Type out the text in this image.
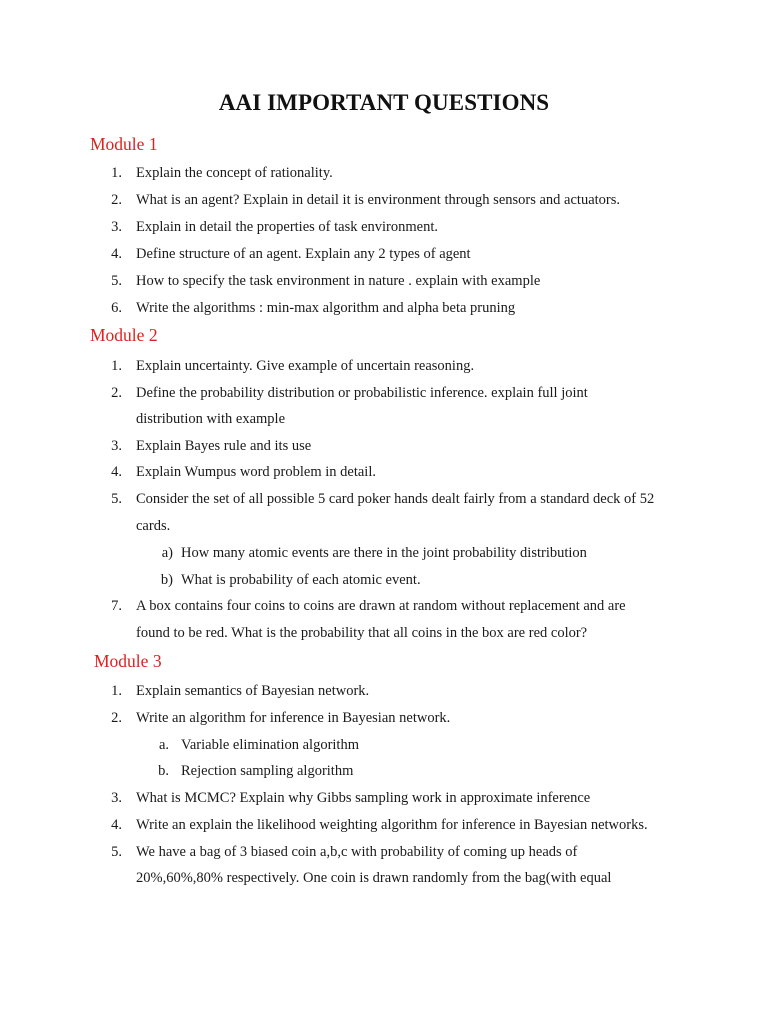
AAI IMPORTANT QUESTIONS
Module 1
1. Explain the concept of rationality.
2. What is an agent? Explain in detail it is environment through sensors and actuators.
3. Explain in detail the properties of task environment.
4. Define structure of an agent. Explain any 2 types of agent
5. How to specify the task environment in nature . explain with example
6. Write the algorithms : min-max algorithm and alpha beta pruning
Module 2
1. Explain uncertainty. Give example of uncertain reasoning.
2. Define the probability distribution or probabilistic inference. explain full joint
distribution with example
3. Explain Bayes rule and its use
4. Explain Wumpus word problem in detail.
5. Consider the set of all possible 5 card poker hands dealt fairly from a standard deck of 52
cards.
a) How many atomic events are there in the joint probability distribution
b) What is probability of each atomic event.
7. A box contains four coins to coins are drawn at random without replacement and are
found to be red. What is the probability that all coins in the box are red color?
Module 3
1. Explain semantics of Bayesian network.
2. Write an algorithm for inference in Bayesian network.
a. Variable elimination algorithm
b. Rejection sampling algorithm
3. What is MCMC? Explain why Gibbs sampling work in approximate inference
4. Write an explain the likelihood weighting algorithm for inference in Bayesian networks.
5. We have a bag of 3 biased coin a,b,c with probability of coming up heads of
20%,60%,80% respectively. One coin is drawn randomly from the bag(with equal
